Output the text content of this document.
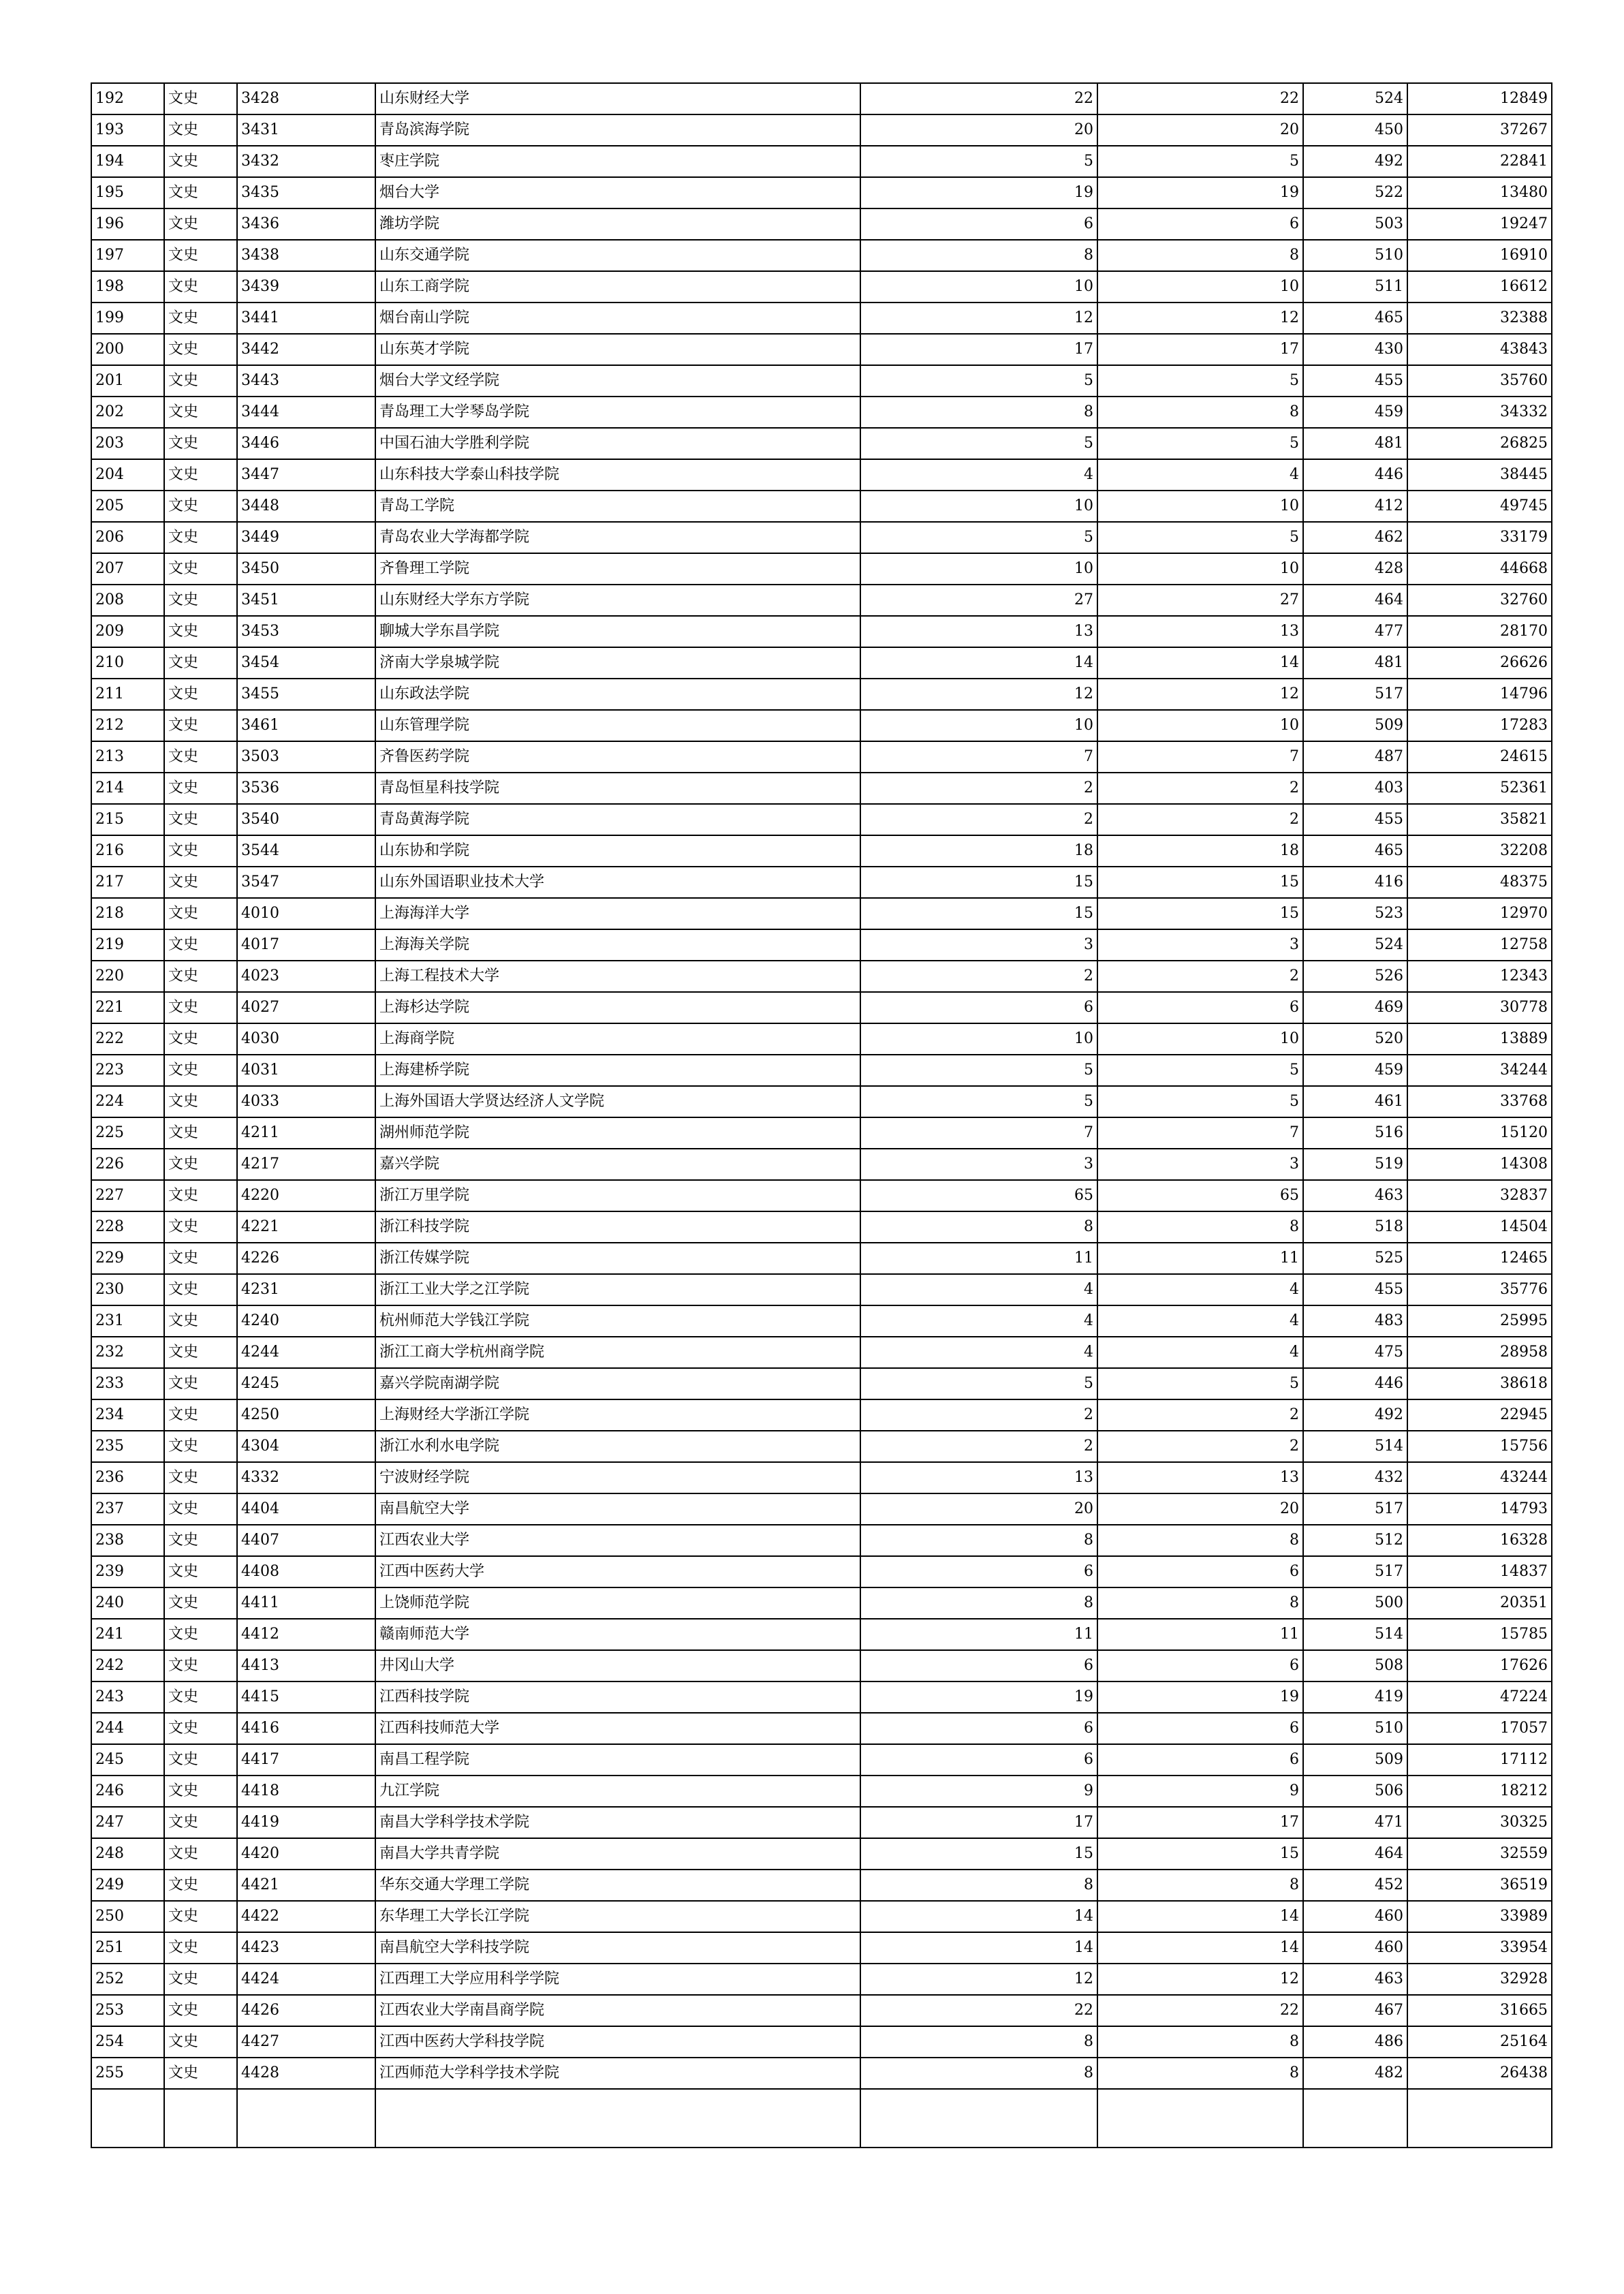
192	文史	3428	山东财经大学	22	22	524	12849
193	文史	3431	青岛滨海学院	20	20	450	37267
194	文史	3432	枣庄学院	5	5	492	22841
195	文史	3435	烟台大学	19	19	522	13480
196	文史	3436	潍坊学院	6	6	503	19247
197	文史	3438	山东交通学院	8	8	510	16910
198	文史	3439	山东工商学院	10	10	511	16612
199	文史	3441	烟台南山学院	12	12	465	32388
200	文史	3442	山东英才学院	17	17	430	43843
201	文史	3443	烟台大学文经学院	5	5	455	35760
202	文史	3444	青岛理工大学琴岛学院	8	8	459	34332
203	文史	3446	中国石油大学胜利学院	5	5	481	26825
204	文史	3447	山东科技大学泰山科技学院	4	4	446	38445
205	文史	3448	青岛工学院	10	10	412	49745
206	文史	3449	青岛农业大学海都学院	5	5	462	33179
207	文史	3450	齐鲁理工学院	10	10	428	44668
208	文史	3451	山东财经大学东方学院	27	27	464	32760
209	文史	3453	聊城大学东昌学院	13	13	477	28170
210	文史	3454	济南大学泉城学院	14	14	481	26626
211	文史	3455	山东政法学院	12	12	517	14796
212	文史	3461	山东管理学院	10	10	509	17283
213	文史	3503	齐鲁医药学院	7	7	487	24615
214	文史	3536	青岛恒星科技学院	2	2	403	52361
215	文史	3540	青岛黄海学院	2	2	455	35821
216	文史	3544	山东协和学院	18	18	465	32208
217	文史	3547	山东外国语职业技术大学	15	15	416	48375
218	文史	4010	上海海洋大学	15	15	523	12970
219	文史	4017	上海海关学院	3	3	524	12758
220	文史	4023	上海工程技术大学	2	2	526	12343
221	文史	4027	上海杉达学院	6	6	469	30778
222	文史	4030	上海商学院	10	10	520	13889
223	文史	4031	上海建桥学院	5	5	459	34244
224	文史	4033	上海外国语大学贤达经济人文学院	5	5	461	33768
225	文史	4211	湖州师范学院	7	7	516	15120
226	文史	4217	嘉兴学院	3	3	519	14308
227	文史	4220	浙江万里学院	65	65	463	32837
228	文史	4221	浙江科技学院	8	8	518	14504
229	文史	4226	浙江传媒学院	11	11	525	12465
230	文史	4231	浙江工业大学之江学院	4	4	455	35776
231	文史	4240	杭州师范大学钱江学院	4	4	483	25995
232	文史	4244	浙江工商大学杭州商学院	4	4	475	28958
233	文史	4245	嘉兴学院南湖学院	5	5	446	38618
234	文史	4250	上海财经大学浙江学院	2	2	492	22945
235	文史	4304	浙江水利水电学院	2	2	514	15756
236	文史	4332	宁波财经学院	13	13	432	43244
237	文史	4404	南昌航空大学	20	20	517	14793
238	文史	4407	江西农业大学	8	8	512	16328
239	文史	4408	江西中医药大学	6	6	517	14837
240	文史	4411	上饶师范学院	8	8	500	20351
241	文史	4412	赣南师范大学	11	11	514	15785
242	文史	4413	井冈山大学	6	6	508	17626
243	文史	4415	江西科技学院	19	19	419	47224
244	文史	4416	江西科技师范大学	6	6	510	17057
245	文史	4417	南昌工程学院	6	6	509	17112
246	文史	4418	九江学院	9	9	506	18212
247	文史	4419	南昌大学科学技术学院	17	17	471	30325
248	文史	4420	南昌大学共青学院	15	15	464	32559
249	文史	4421	华东交通大学理工学院	8	8	452	36519
250	文史	4422	东华理工大学长江学院	14	14	460	33989
251	文史	4423	南昌航空大学科技学院	14	14	460	33954
252	文史	4424	江西理工大学应用科学学院	12	12	463	32928
253	文史	4426	江西农业大学南昌商学院	22	22	467	31665
254	文史	4427	江西中医药大学科技学院	8	8	486	25164
255	文史	4428	江西师范大学科学技术学院	8	8	482	26438
